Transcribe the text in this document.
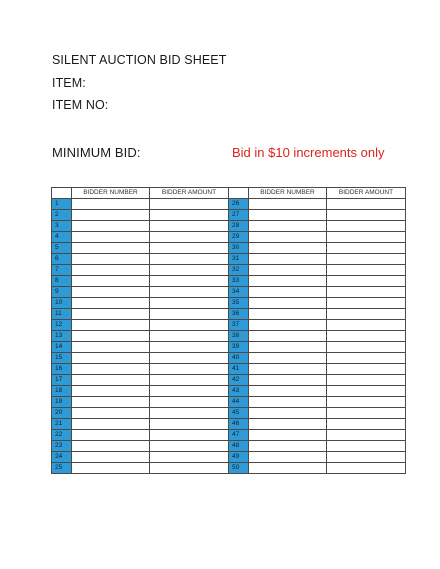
SILENT AUCTION BID SHEET
ITEM:
ITEM NO:
MINIMUM BID:	Bid in $10 increments only
	BIDDER NUMBER	BIDDER AMOUNT		BIDDER NUMBER	BIDDER AMOUNT
1			26		
2			27		
3			28		
4			29		
5			30		
6			31		
7			32		
8			33		
9			34		
10			35		
11			36		
12			37		
13			38		
14			39		
15			40		
16			41		
17			42		
18			43		
19			44		
20			45		
21			46		
22			47		
23			48		
24			49		
25			50		
